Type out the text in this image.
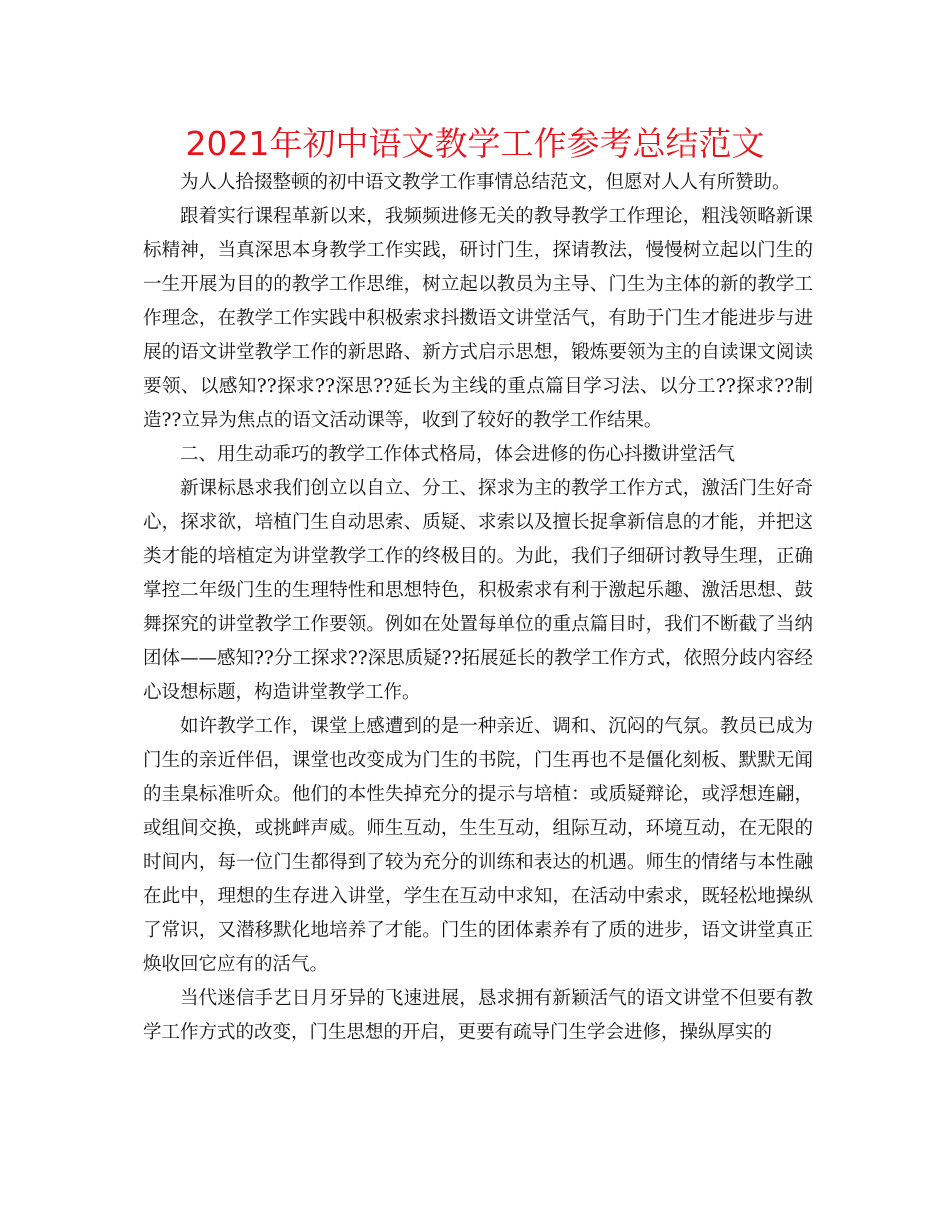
2021年初中语文教学工作参考总结范文

为人人拾掇整顿的初中语文教学工作事情总结范文，但愿对人人有所赞助。

跟着实行课程革新以来，我频频进修无关的教导教学工作理论，粗浅领略新课标精神，当真深思本身教学工作实践，研讨门生，探请教法，慢慢树立起以门生的一生开展为目的的教学工作思维，树立起以教员为主导、门生为主体的新的教学工作理念，在教学工作实践中积极索求抖擞语文讲堂活气，有助于门生才能进步与进展的语文讲堂教学工作的新思路、新方式启示思想，锻炼要领为主的自读课文阅读要领、以感知??探求??深思??延长为主线的重点篇目学习法、以分工??探求??制造??立异为焦点的语文活动课等，收到了较好的教学工作结果。

二、用生动乖巧的教学工作体式格局，体会进修的伤心抖擞讲堂活气

新课标恳求我们创立以自立、分工、探求为主的教学工作方式，激活门生好奇心，探求欲，培植门生自动思索、质疑、求索以及擅长捉拿新信息的才能，并把这类才能的培植定为讲堂教学工作的终极目的。为此，我们子细研讨教导生理，正确掌控二年级门生的生理特性和思想特色，积极索求有利于激起乐趣、激活思想、鼓舞探究的讲堂教学工作要领。例如在处置每单位的重点篇目时，我们不断截了当纳团体——感知??分工探求??深思质疑??拓展延长的教学工作方式，依照分歧内容经心设想标题，构造讲堂教学工作。

如许教学工作，课堂上感遭到的是一种亲近、调和、沉闷的气氛。教员已成为门生的亲近伴侣，课堂也改变成为门生的书院，门生再也不是僵化刻板、默默无闻的圭臬标准听众。他们的本性失掉充分的提示与培植：或质疑辩论，或浮想连翩，或组间交换，或挑衅声威。师生互动，生生互动，组际互动，环境互动，在无限的时间内，每一位门生都得到了较为充分的训练和表达的机遇。师生的情绪与本性融在此中，理想的生存进入讲堂，学生在互动中求知，在活动中索求，既轻松地操纵了常识，又潜移默化地培养了才能。门生的团体素养有了质的进步，语文讲堂真正焕收回它应有的活气。

当代迷信手艺日月牙异的飞速进展，恳求拥有新颖活气的语文讲堂不但要有教学工作方式的改变，门生思想的开启，更要有疏导门生学会进修，操纵厚实的
